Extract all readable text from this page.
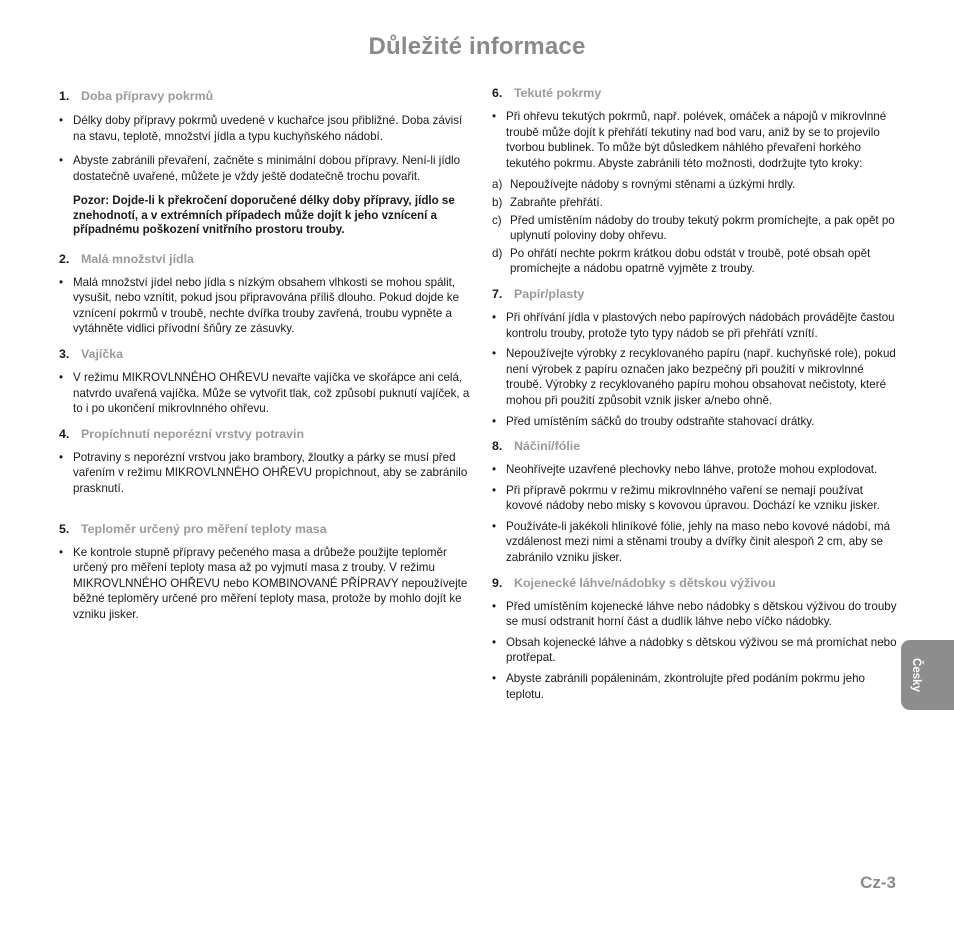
Důležité informace
1. Doba přípravy pokrmů
• Délky doby přípravy pokrmů uvedené v kuchařce jsou přibližné. Doba závisí na stavu, teplotě, množství jídla a typu kuchyňského nádobí.
• Abyste zabránili převaření, začněte s minimální dobou přípravy. Není-li jídlo dostatečně uvařené, můžete je vždy ještě dodatečně trochu povařit.
Pozor: Dojde-li k překročení doporučené délky doby přípravy, jídlo se znehodnotí, a v extrémních případech může dojít k jeho vznícení a případnému poškození vnitřního prostoru trouby.
2. Malá množství jídla
• Malá množství jídel nebo jídla s nízkým obsahem vlhkosti se mohou spálit, vysušit, nebo vznítit, pokud jsou připravována příliš dlouho. Pokud dojde ke vznícení pokrmů v troubě, nechte dvířka trouby zavřená, troubu vypněte a vytáhněte vidlici přívodní šňůry ze zásuvky.
3. Vajíčka
• V režimu MIKROVLNNÉHO OHŘEVU nevařte vajíčka ve skořápce ani celá, natvrdo uvařená vajíčka. Může se vytvořit tlak, což způsobí puknutí vajíček, a to i po ukončení mikrovlnného ohřevu.
4. Propíchnutí neporézní vrstvy potravin
• Potraviny s neporézní vrstvou jako brambory, žloutky a párky se musí před vařením v režimu MIKROVLNNÉHO OHŘEVU propíchnout, aby se zabránilo prasknutí.
5. Teploměr určený pro měření teploty masa
• Ke kontrole stupně přípravy pečeného masa a drůbeže použijte teploměr určený pro měření teploty masa až po vyjmutí masa z trouby. V režimu MIKROVLNNÉHO OHŘEVU nebo KOMBINOVANÉ PŘÍPRAVY nepoužívejte běžné teploměry určené pro měření teploty masa, protože by mohlo dojít ke vzniku jisker.
6. Tekuté pokrmy
• Při ohřevu tekutých pokrmů, např. polévek, omáček a nápojů v mikrovlnné troubě může dojít k přehřátí tekutiny nad bod varu, aniž by se to projevilo tvorbou bublinek. To může být důsledkem náhlého převaření horkého tekutého pokrmu. Abyste zabránili této možnosti, dodržujte tyto kroky:
a) Nepoužívejte nádoby s rovnými stěnami a úzkými hrdly.
b) Zabraňte přehřátí.
c) Před umístěním nádoby do trouby tekutý pokrm promíchejte, a pak opět po uplynutí poloviny doby ohřevu.
d) Po ohřátí nechte pokrm krátkou dobu odstát v troubě, poté obsah opět promíchejte a nádobu opatrně vyjměte z trouby.
7. Papír/plasty
• Při ohřívání jídla v plastových nebo papírových nádobách provádějte častou kontrolu trouby, protože tyto typy nádob se při přehřátí vznítí.
• Nepoužívejte výrobky z recyklovaného papíru (např. kuchyňské role), pokud není výrobek z papíru označen jako bezpečný při použití v mikrovlnné troubě. Výrobky z recyklovaného papíru mohou obsahovat nečistoty, které mohou při použití způsobit vznik jisker a/nebo ohně.
• Před umístěním sáčků do trouby odstraňte stahovací drátky.
8. Náčiní/fólie
• Neohřívejte uzavřené plechovky nebo láhve, protože mohou explodovat.
• Při přípravě pokrmu v režimu mikrovlnného vaření se nemají používat kovové nádoby nebo misky s kovovou úpravou. Dochází ke vzniku jisker.
• Používáte-li jakékoli hliníkové fólie, jehly na maso nebo kovové nádobí, má vzdálenost mezi nimi a stěnami trouby a dvířky činit alespoň 2 cm, aby se zabránilo vzniku jisker.
9. Kojenecké láhve/nádobky s dětskou výživou
• Před umístěním kojenecké láhve nebo nádobky s dětskou výživou do trouby se musí odstranit horní část a dudlík láhve nebo víčko nádobky.
• Obsah kojenecké láhve a nádobky s dětskou výživou se má promíchat nebo protřepat.
• Abyste zabránili popáleninám, zkontrolujte před podáním pokrmu jeho teplotu.
Česky
Cz-3
